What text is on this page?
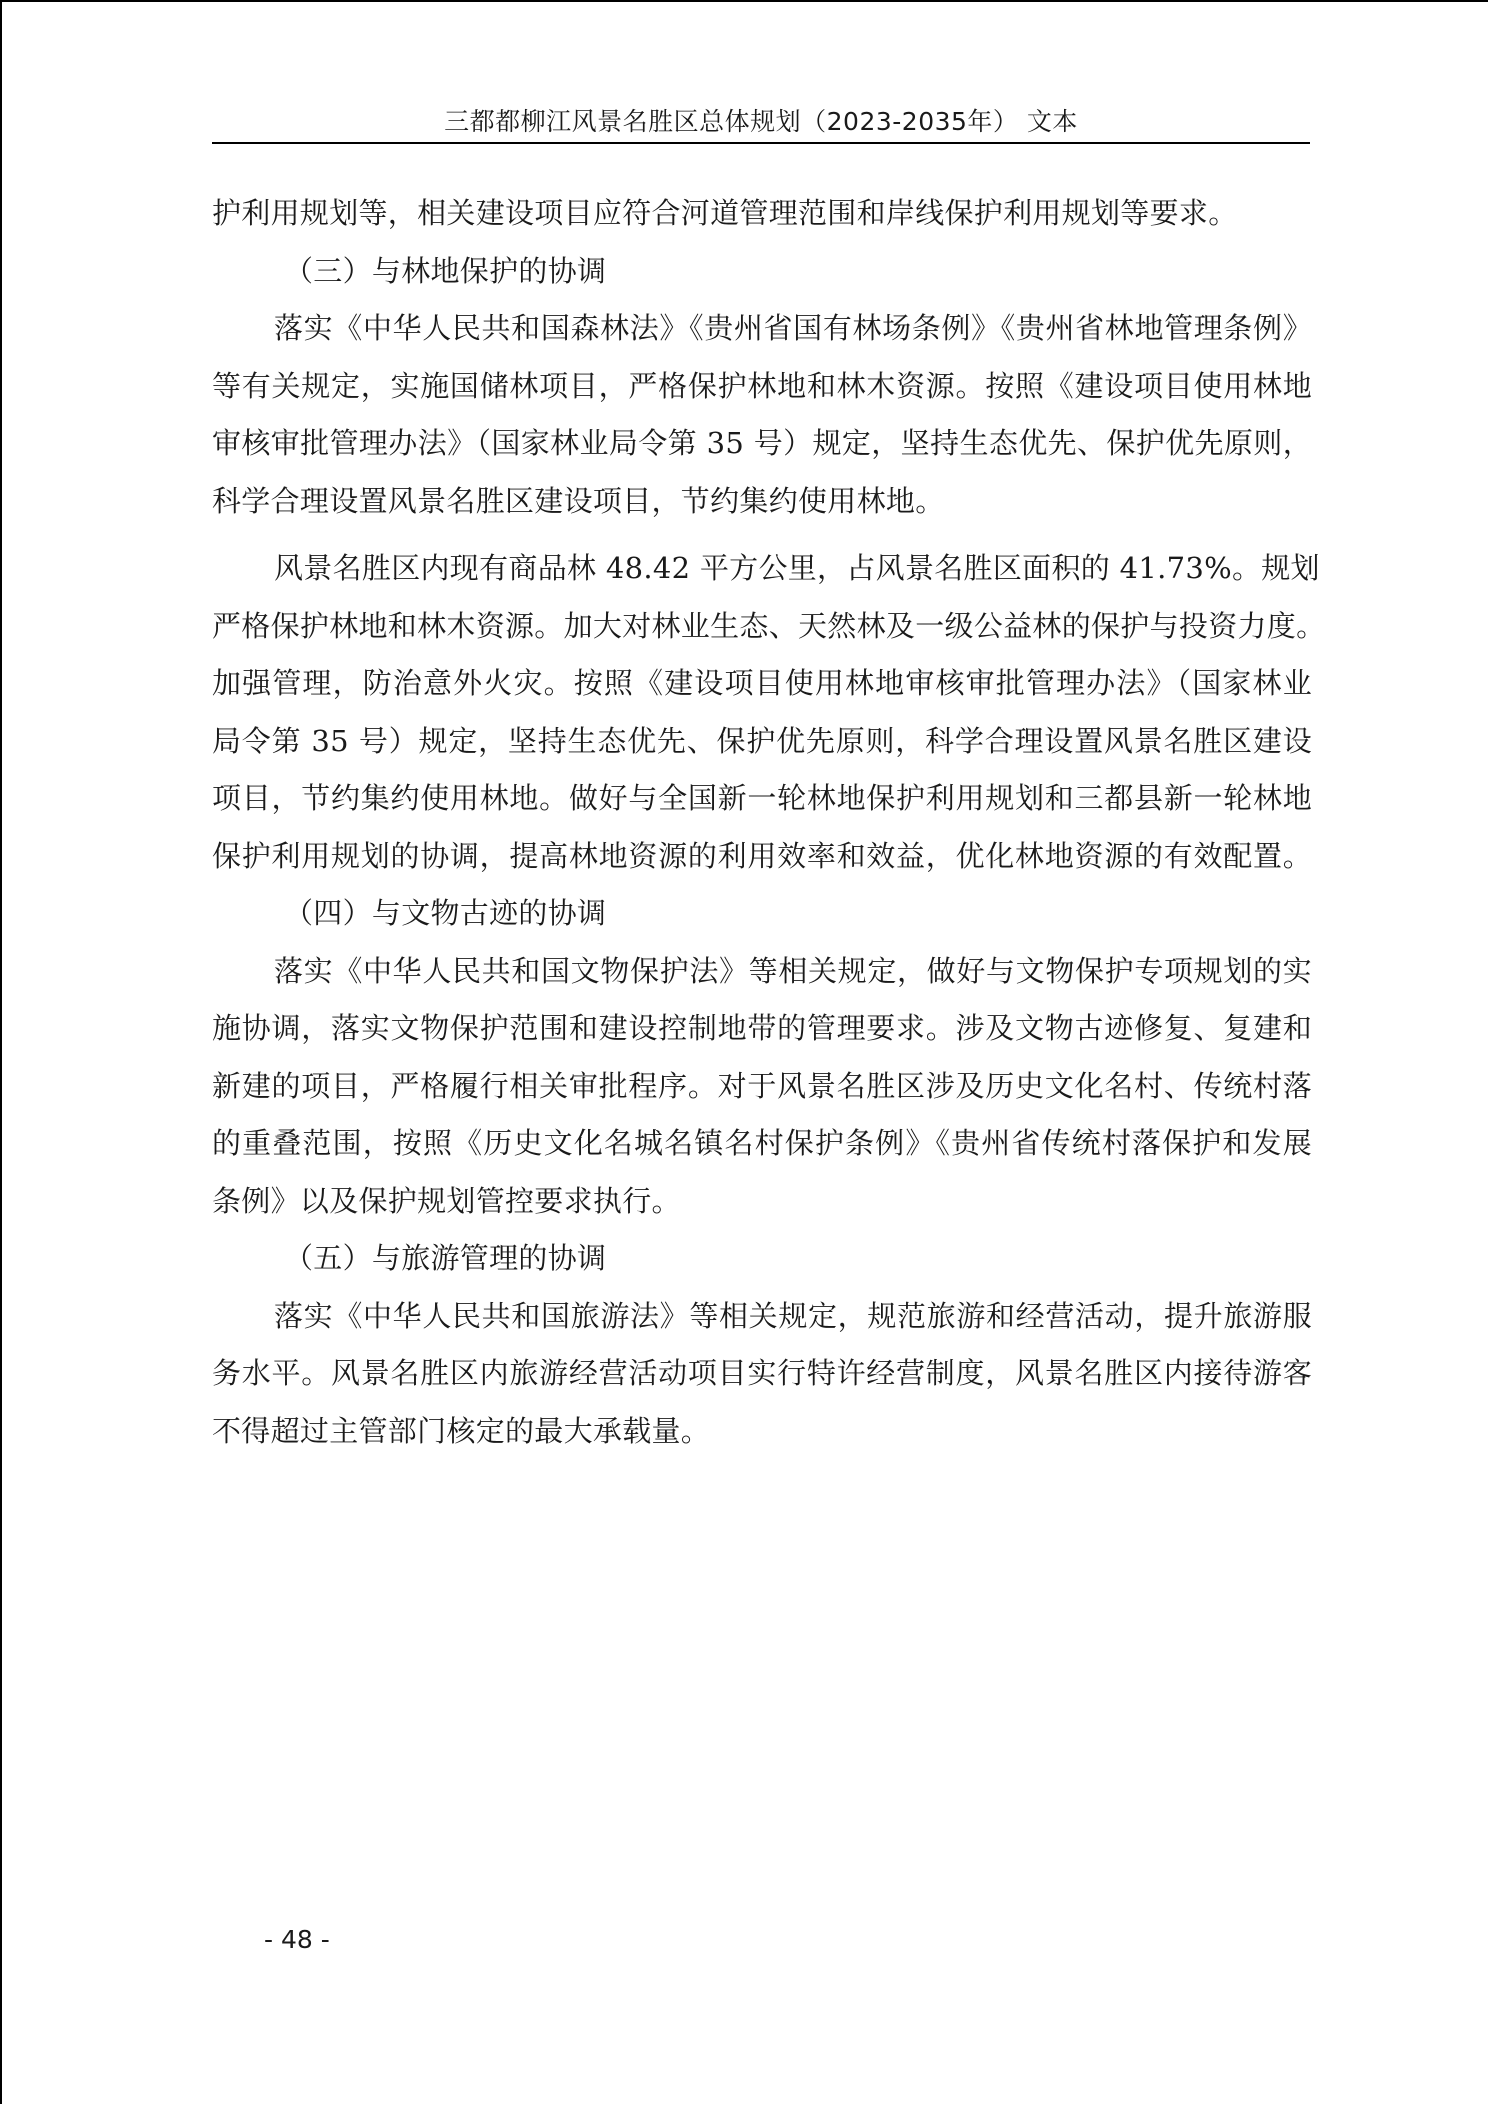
三都都柳江风景名胜区总体规划（2023-2035年） 文本
护利用规划等，相关建设项目应符合河道管理范围和岸线保护利用规划等要求。
（三）与林地保护的协调
落实《中华人民共和国森林法》《贵州省国有林场条例》《贵州省林地管理条例》
等有关规定，实施国储林项目，严格保护林地和林木资源。按照《建设项目使用林地
审核审批管理办法》（国家林业局令第 35 号）规定，坚持生态优先、保护优先原则，
科学合理设置风景名胜区建设项目，节约集约使用林地。
风景名胜区内现有商品林 48.42 平方公里，占风景名胜区面积的 41.73%。规划
严格保护林地和林木资源。加大对林业生态、天然林及一级公益林的保护与投资力度。
加强管理，防治意外火灾。按照《建设项目使用林地审核审批管理办法》（国家林业
局令第 35 号）规定，坚持生态优先、保护优先原则，科学合理设置风景名胜区建设
项目，节约集约使用林地。做好与全国新一轮林地保护利用规划和三都县新一轮林地
保护利用规划的协调，提高林地资源的利用效率和效益，优化林地资源的有效配置。
（四）与文物古迹的协调
落实《中华人民共和国文物保护法》等相关规定，做好与文物保护专项规划的实
施协调，落实文物保护范围和建设控制地带的管理要求。涉及文物古迹修复、复建和
新建的项目，严格履行相关审批程序。对于风景名胜区涉及历史文化名村、传统村落
的重叠范围，按照《历史文化名城名镇名村保护条例》《贵州省传统村落保护和发展
条例》以及保护规划管控要求执行。
（五）与旅游管理的协调
落实《中华人民共和国旅游法》等相关规定，规范旅游和经营活动，提升旅游服
务水平。风景名胜区内旅游经营活动项目实行特许经营制度，风景名胜区内接待游客
不得超过主管部门核定的最大承载量。
- 48 -
